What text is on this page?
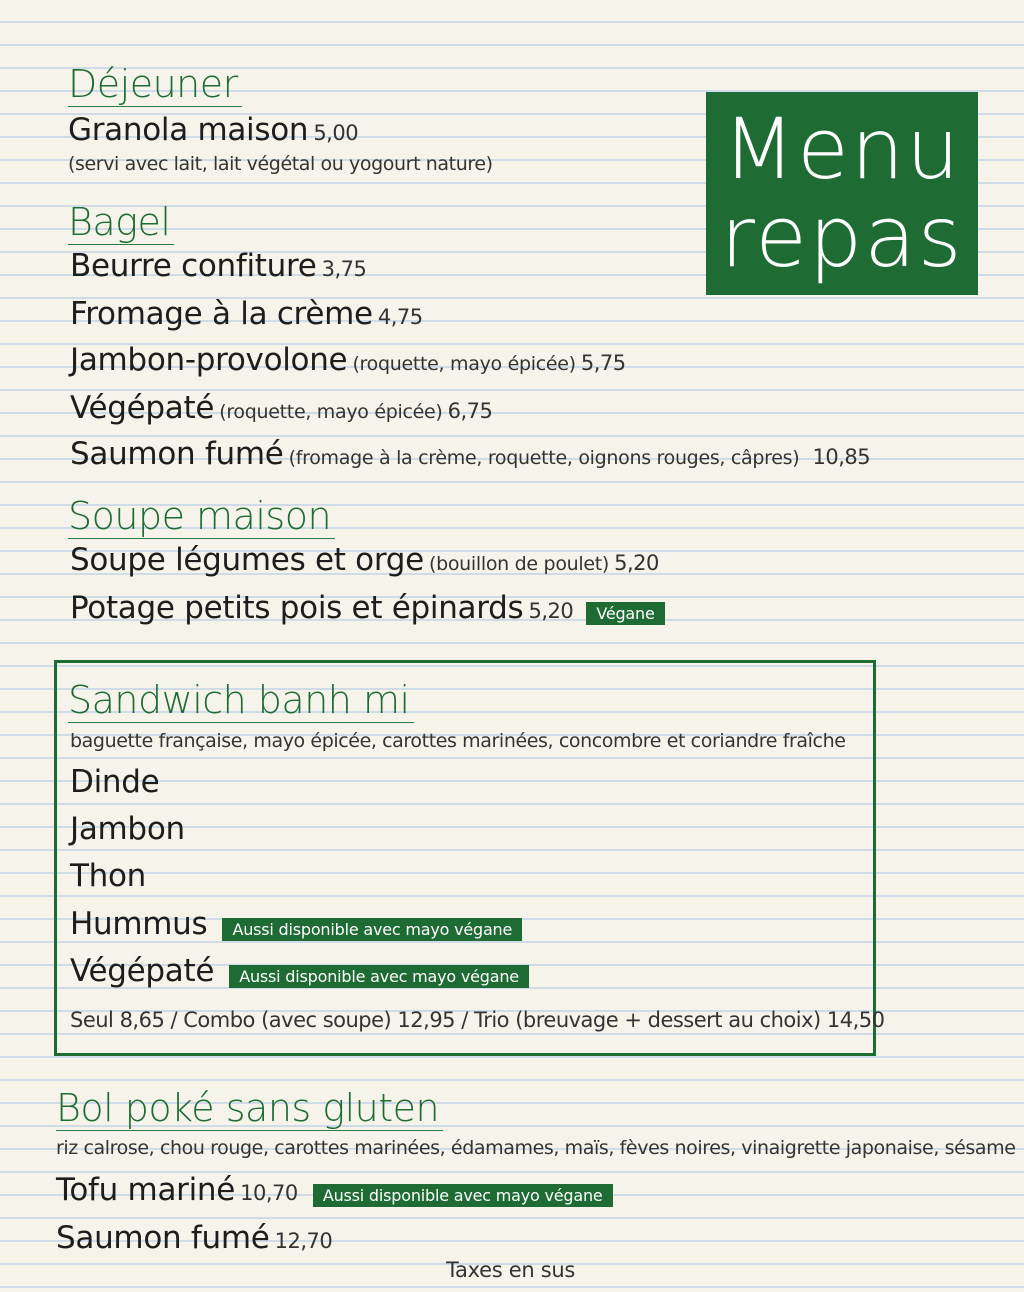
Menu
repas
Déjeuner
Granola maison 5,00
(servi avec lait, lait végétal ou yogourt nature)
Bagel
Beurre confiture 3,75
Fromage à la crème 4,75
Jambon-provolone (roquette, mayo épicée) 5,75
Végépaté (roquette, mayo épicée) 6,75
Saumon fumé (fromage à la crème, roquette, oignons rouges, câpres) 10,85
Soupe maison
Soupe légumes et orge (bouillon de poulet) 5,20
Potage petits pois et épinards 5,20 Végane
Sandwich banh mi
baguette française, mayo épicée, carottes marinées, concombre et coriandre fraîche
Dinde
Jambon
Thon
Hummus Aussi disponible avec mayo végane
Végépaté Aussi disponible avec mayo végane
Seul 8,65 / Combo (avec soupe) 12,95 / Trio (breuvage + dessert au choix) 14,50
Bol poké sans gluten
riz calrose, chou rouge, carottes marinées, édamames, maïs, fèves noires, vinaigrette japonaise, sésame
Tofu mariné 10,70 Aussi disponible avec mayo végane
Saumon fumé 12,70
Taxes en sus
